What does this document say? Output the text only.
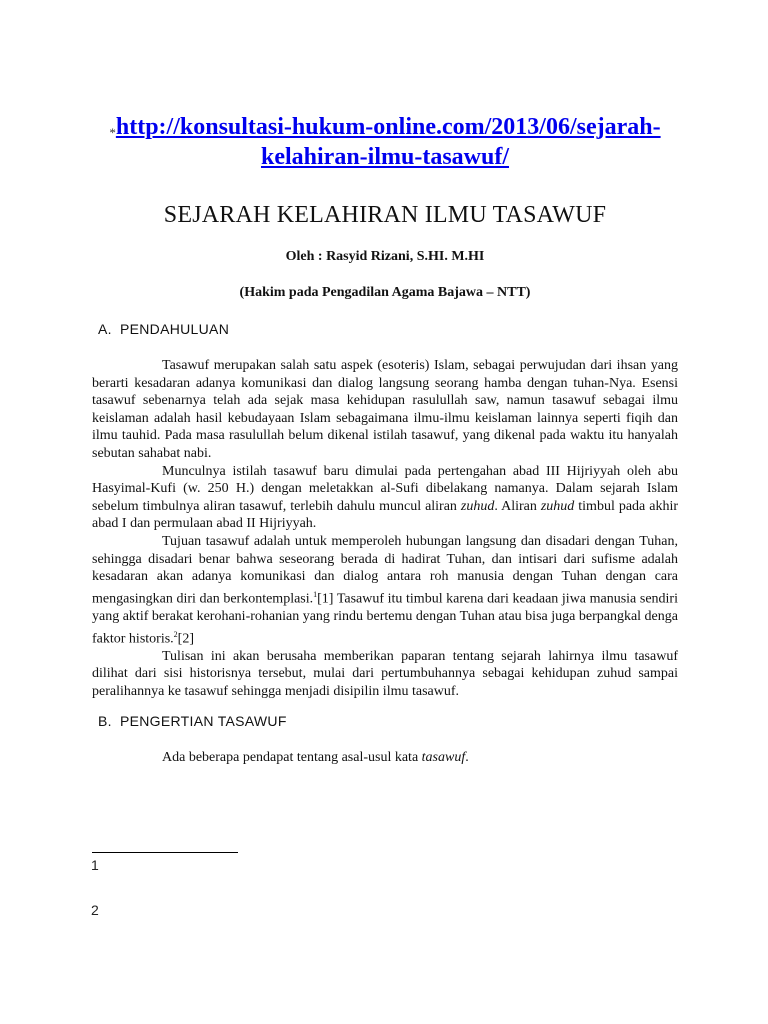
*http://konsultasi-hukum-online.com/2013/06/sejarah-
kelahiran-ilmu-tasawuf/
SEJARAH KELAHIRAN ILMU TASAWUF
Oleh : Rasyid Rizani, S.HI. M.HI
(Hakim pada Pengadilan Agama Bajawa – NTT)
A. PENDAHULUAN

Tasawuf merupakan salah satu aspek (esoteris) Islam, sebagai perwujudan dari ihsan yang berarti kesadaran adanya komunikasi dan dialog langsung seorang hamba dengan tuhan-Nya. Esensi tasawuf sebenarnya telah ada sejak masa kehidupan rasulullah saw, namun tasawuf sebagai ilmu keislaman adalah hasil kebudayaan Islam sebagaimana ilmu-ilmu keislaman lainnya seperti fiqih dan ilmu tauhid. Pada masa rasulullah belum dikenal istilah tasawuf, yang dikenal pada waktu itu hanyalah sebutan sahabat nabi.

Munculnya istilah tasawuf baru dimulai pada pertengahan abad III Hijriyyah oleh abu Hasyimal-Kufi (w. 250 H.) dengan meletakkan al-Sufi dibelakang namanya. Dalam sejarah Islam sebelum timbulnya aliran tasawuf, terlebih dahulu muncul aliran zuhud. Aliran zuhud timbul pada akhir abad I dan permulaan abad II Hijriyyah.

Tujuan tasawuf adalah untuk memperoleh hubungan langsung dan disadari dengan Tuhan, sehingga disadari benar bahwa seseorang berada di hadirat Tuhan, dan intisari dari sufisme adalah kesadaran akan adanya komunikasi dan dialog antara roh manusia dengan Tuhan dengan cara mengasingkan diri dan berkontemplasi.$^1$[1] Tasawuf itu timbul karena dari keadaan jiwa manusia sendiri yang aktif berakat kerohani-rohanian yang rindu bertemu dengan Tuhan atau bisa juga berpangkal denga faktor historis.$^2$[2]

Tulisan ini akan berusaha memberikan paparan tentang sejarah lahirnya ilmu tasawuf dilihat dari sisi historisnya tersebut, mulai dari pertumbuhannya sebagai kehidupan zuhud sampai peralihannya ke tasawuf sehingga menjadi disipilin ilmu tasawuf.

B. PENGERTIAN TASAWUF
Ada beberapa pendapat tentang asal-usul kata tasawuf.
1
2
